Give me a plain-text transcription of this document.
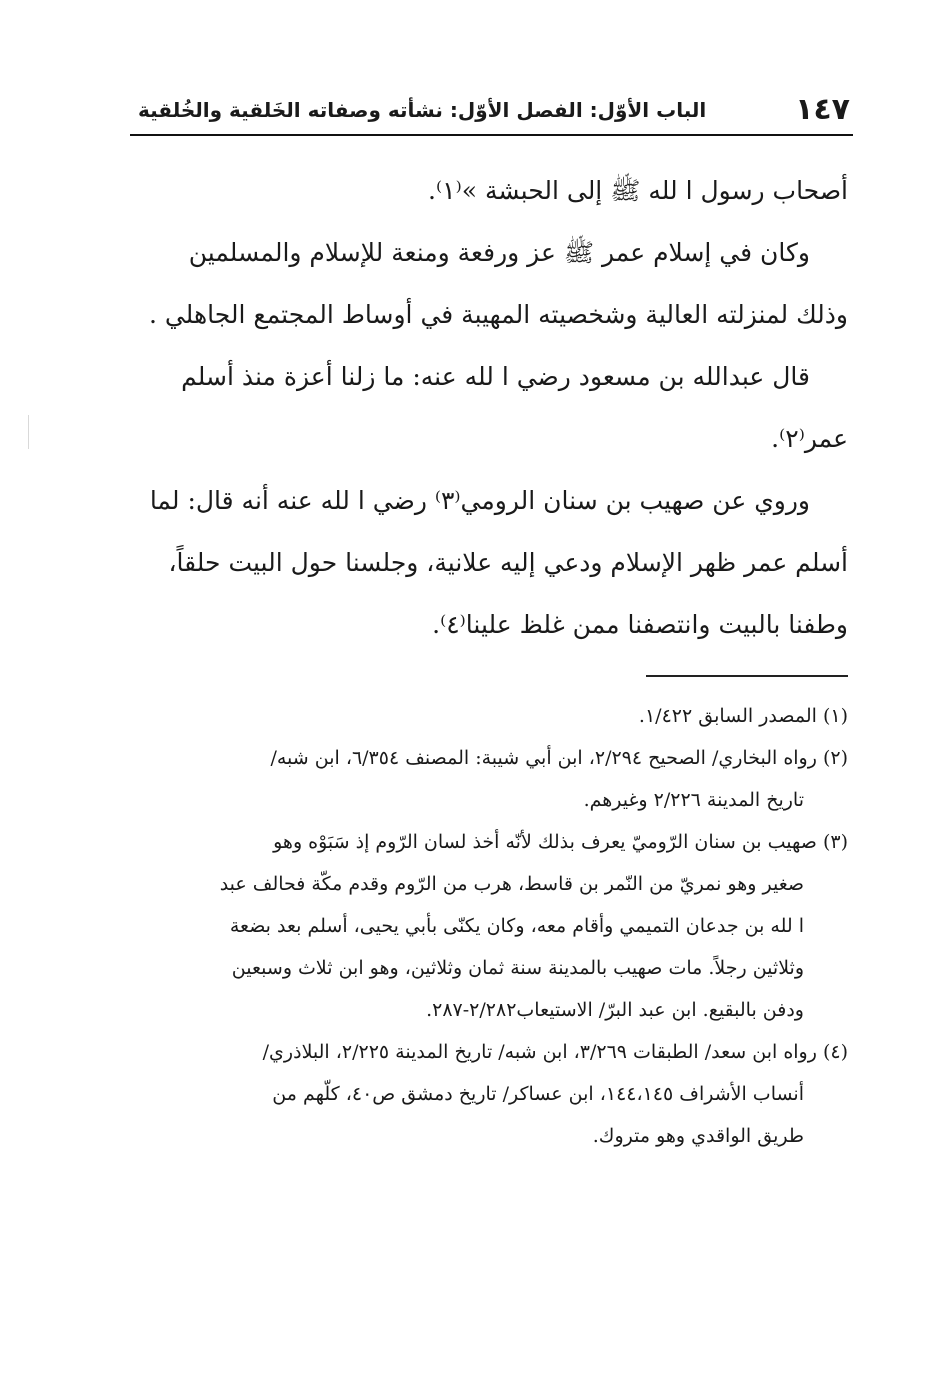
١٤٧
الباب الأوّل: الفصل الأوّل: نشأته وصفاته الخَلقية والخُلقية
أصحاب رسول ا لله ﷺ إلى الحبشة »⁽١⁾.
وكان في إسلام عمر ﷺ عز ورفعة ومنعة للإسلام والمسلمين
وذلك لمنزلته العالية وشخصيته المهيبة في أوساط المجتمع الجاهلي .
قال عبدالله بن مسعود رضي ا لله عنه: ما زلنا أعزة منذ أسلم
عمر⁽٢⁾.
وروي عن صهيب بن سنان الرومي⁽٣⁾ رضي ا لله عنه أنه قال: لما
أسلم عمر ظهر الإسلام ودعي إليه علانية، وجلسنا حول البيت حلقاً،
وطفنا بالبيت وانتصفنا ممن غلظ علينا⁽٤⁾.
(١) المصدر السابق ١/٤٢٢.
(٢) رواه البخاري/ الصحيح ٢/٢٩٤، ابن أبي شيبة: المصنف ٦/٣٥٤، ابن شبه/
تاريخ المدينة ٢/٢٢٦ وغيرهم.
(٣) صهيب بن سنان الرّوميّ يعرف بذلك لأنّه أخذ لسان الرّوم إذ سَبَوْه وهو
صغير وهو نمريّ من النّمر بن قاسط، هرب من الرّوم وقدم مكّة فحالف عبد
ا لله بن جدعان التميمي وأقام معه، وكان يكنّى بأبي يحيى، أسلم بعد بضعة
وثلاثين رجلاً. مات صهيب بالمدينة سنة ثمان وثلاثين، وهو ابن ثلاث وسبعين
ودفن بالبقيع. ابن عبد البرّ/ الاستيعاب٢/٢٨٢-٢٨٧.
(٤) رواه ابن سعد/ الطبقات ٣/٢٦٩، ابن شبه/ تاريخ المدينة ٢/٢٢٥، البلاذري/
أنساب الأشراف ١٤٤،١٤٥، ابن عساكر/ تاريخ دمشق ص٤٠، كلّهم من
طريق الواقدي وهو متروك.
